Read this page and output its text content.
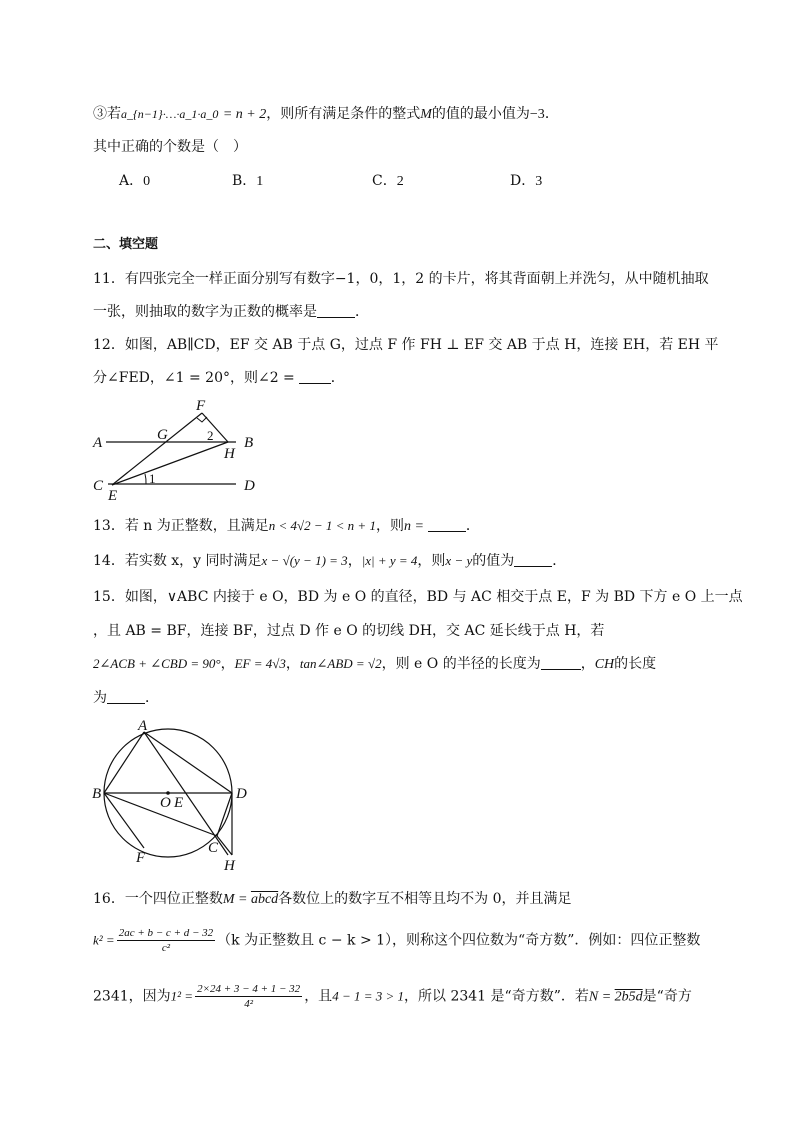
③若a_{n−1}·…·a_1·a_0 = n + 2，则所有满足条件的整式M的值的最小值为−3．
其中正确的个数是（　）
A．0	B．1	C．2	D．3
二、填空题
11．有四张完全一样正面分别写有数字−1，0，1，2 的卡片，将其背面朝上并洗匀，从中随机抽取
一张，则抽取的数字为正数的概率是	．
12．如图，AB∥CD，EF 交 AB 于点 G，过点 F 作 FH ⊥ EF 交 AB 于点 H，连接 EH，若 EH 平
分∠FED，∠1 = 20°，则∠2 =	．
A	B
C	D
E
F
G
H
1
2
13．若 n 为正整数，且满足n < 4√2 − 1 < n + 1，则n =	．
14．若实数 x，y 同时满足x − √(y − 1) = 3，|x| + y = 4，则x − y的值为	．
15．如图，∨ABC 内接于 e O，BD 为 e O 的直径，BD 与 AC 相交于点 E，F 为 BD 下方 e O 上一点
，且 AB = BF，连接 BF，过点 D 作 e O 的切线 DH，交 AC 延长线于点 H，若
2∠ACB + ∠CBD = 90°，EF = 4√3，tan∠ABD = √2，则 e O 的半径的长度为	，CH的长度
为	．
A
B	D
O E
F
C
H
16．一个四位正整数M = abcd各数位上的数字互不相等且均不为 0，并且满足
$k^2 = \frac{2ac + b - c + d - 32}{\text{c²}} (k$ 为正整数且 c − k > 1），则称这个四位数为“奇方数”．例如：四位正整数
2341，因为$1^2 = \frac{2\times 24 + 3 - 4 + 1 - 32}{\text{4²}}$ ，且4 − 1 = 3 > 1，所以 2341 是“奇方数”．若N = 2b5d是“奇方
